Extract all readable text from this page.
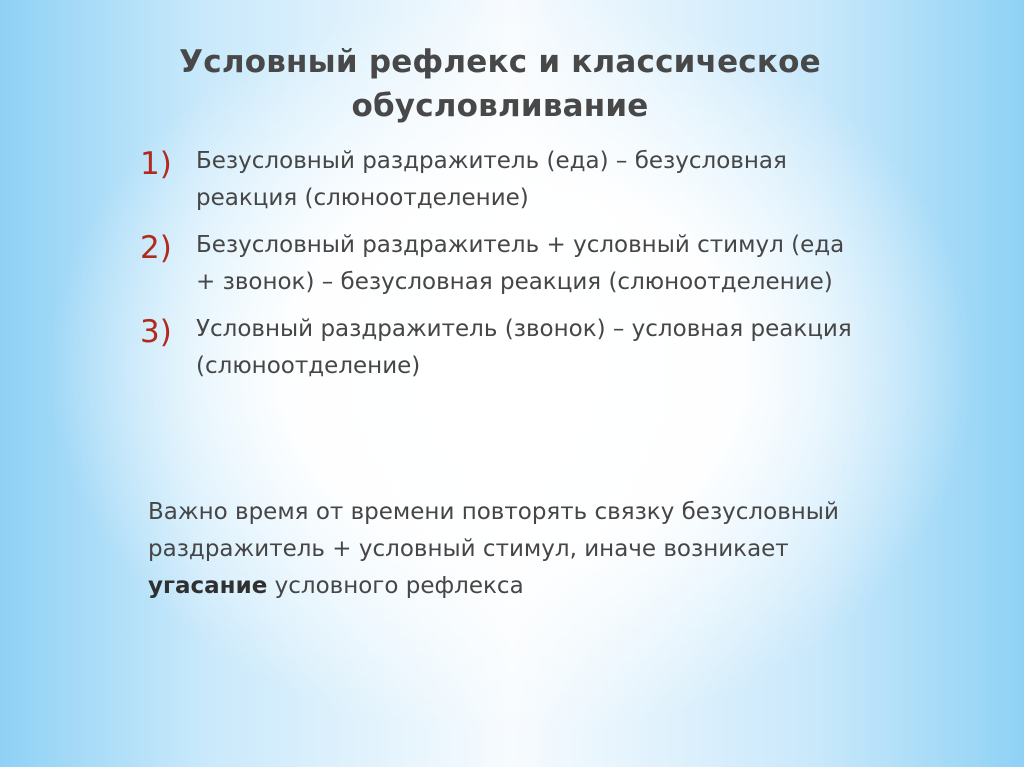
Условный рефлекс и классическое обусловливание
1)	Безусловный раздражитель (еда) – безусловная реакция (слюноотделение)
2)	Безусловный раздражитель + условный стимул (еда + звонок) – безусловная реакция (слюноотделение)
3)	Условный раздражитель (звонок) – условная реакция (слюноотделение)
Важно время от времени повторять связку безусловный раздражитель + условный стимул, иначе возникает угасание условного рефлекса
